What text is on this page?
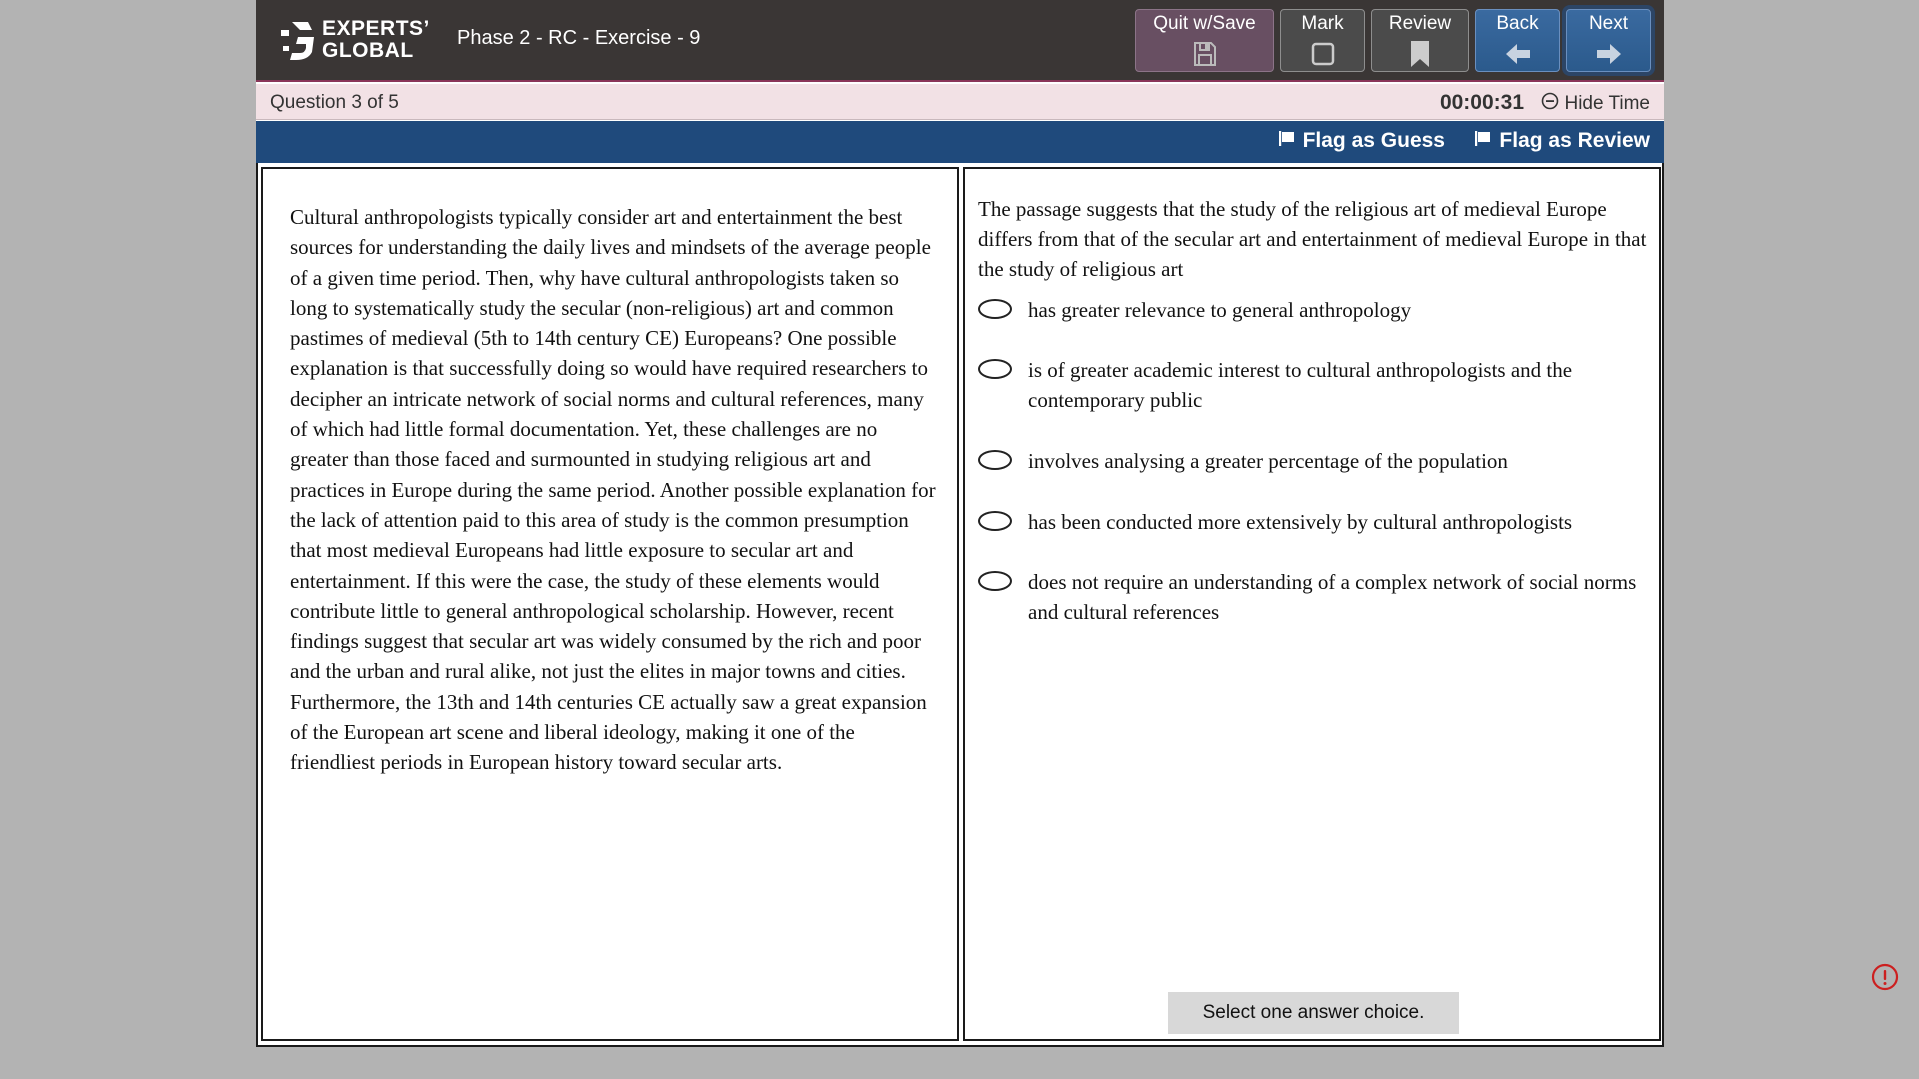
EXPERTS’
GLOBAL
Phase 2 - RC - Exercise - 9
Quit w/Save Mark Review Back	Next
Question 3 of 5	00:00:31 Hide Time
Flag as Guess	Flag as Review
Cultural anthropologists typically consider art and entertainment the best sources for understanding the daily lives and mindsets of the average people of a given time period. Then, why have cultural anthropologists taken so long to systematically study the secular (non-religious) art and common pastimes of medieval (5th to 14th century CE) Europeans? One possible explanation is that successfully doing so would have required researchers to decipher an intricate network of social norms and cultural references, many of which had little formal documentation. Yet, these challenges are no greater than those faced and surmounted in studying religious art and practices in Europe during the same period. Another possible explanation for the lack of attention paid to this area of study is the common presumption that most medieval Europeans had little exposure to secular art and entertainment. If this were the case, the study of these elements would contribute little to general anthropological scholarship. However, recent findings suggest that secular art was widely consumed by the rich and poor and the urban and rural alike, not just the elites in major towns and cities. Furthermore, the 13th and 14th centuries CE actually saw a great expansion of the European art scene and liberal ideology, making it one of the friendliest periods in European history toward secular arts.
The passage suggests that the study of the religious art of medieval Europe differs from that of the secular art and entertainment of medieval Europe in that the study of religious art
has greater relevance to general anthropology
is of greater academic interest to cultural anthropologists and the contemporary public
involves analysing a greater percentage of the population
has been conducted more extensively by cultural anthropologists
does not require an understanding of a complex network of social norms and cultural references
Select one answer choice.
